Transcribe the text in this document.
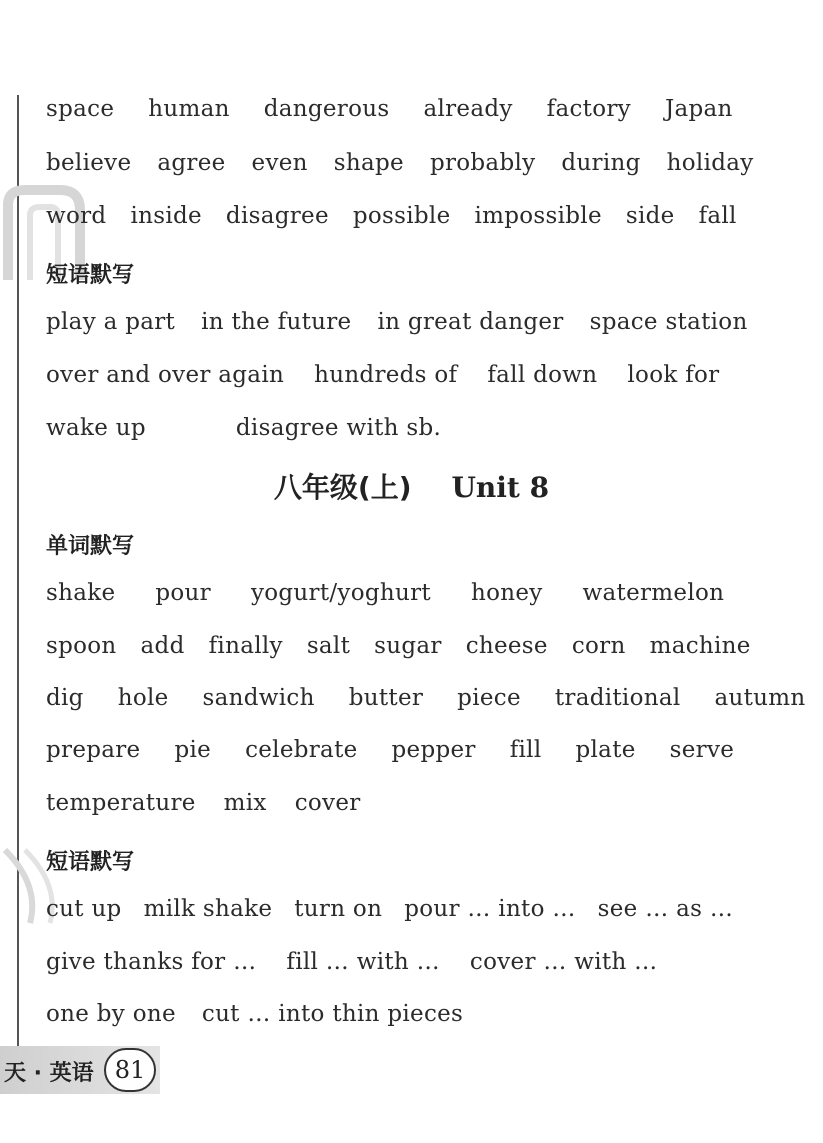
space human dangerous already factory Japan
believe agree even shape probably during holiday
word inside disagree possible impossible side fall
play a part in the future in great danger space station
over and over again hundreds of fall down look for
wake up	disagree with sb.
shake pour yogurt/yoghurt honey watermelon
spoon add finally salt sugar cheese corn machine
dig hole sandwich butter piece traditional autumn
prepare pie celebrate pepper fill plate serve
temperature mix cover
cut up milk shake turn on pour … into … see … as …
give thanks for … fill … with … cover … with …
one by one cut … into thin pieces
短语默写
单词默写
短语默写
八年级(上) Unit 8
天 · 英语 81
